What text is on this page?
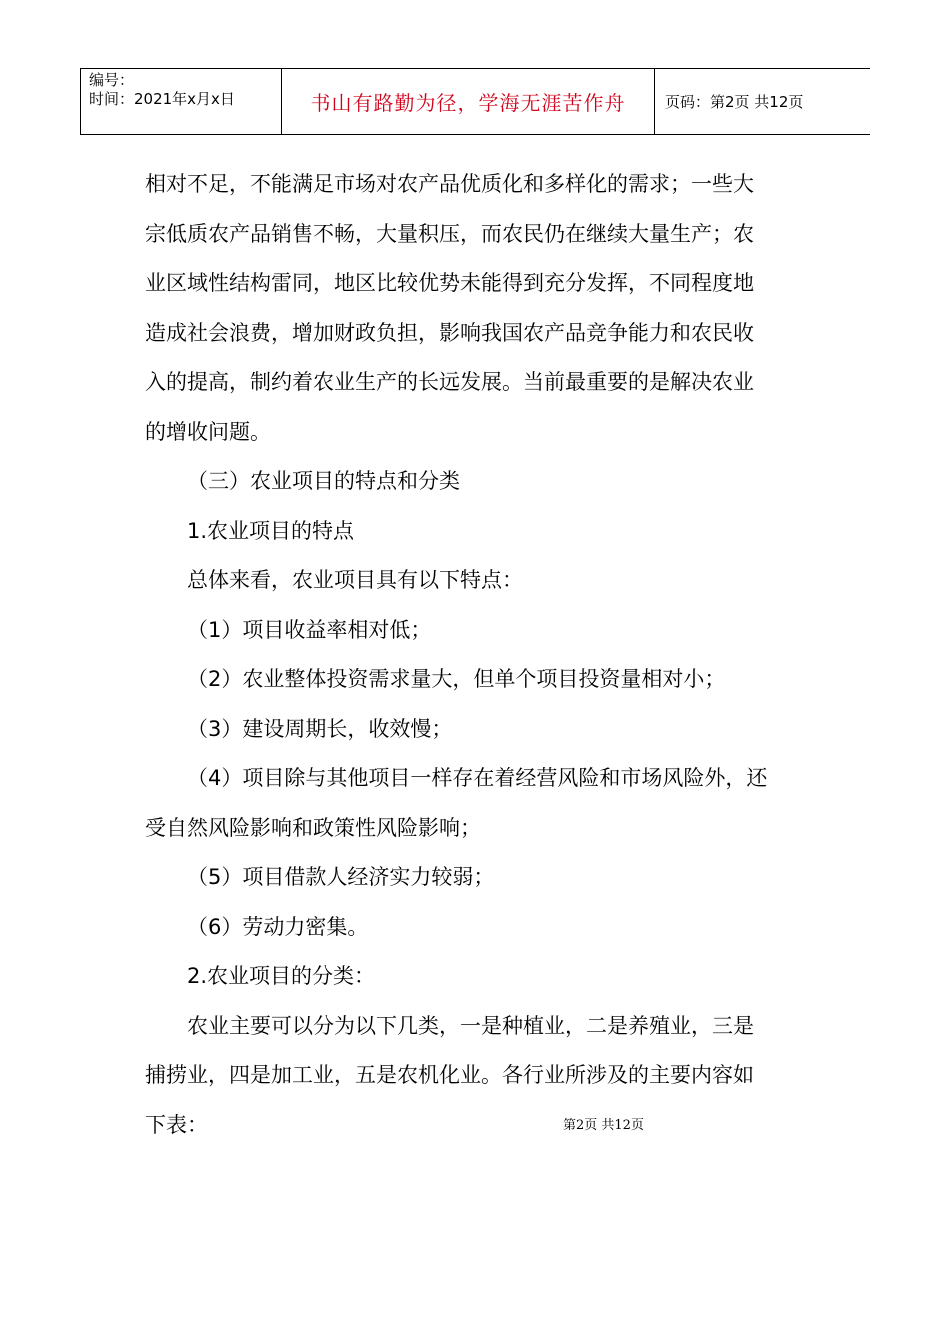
编号：
时间：2021年x月x日	书山有路勤为径，学海无涯苦作舟	页码：第2页 共12页

相对不足，不能满足市场对农产品优质化和多样化的需求；一些大

宗低质农产品销售不畅，大量积压，而农民仍在继续大量生产；农

业区域性结构雷同，地区比较优势未能得到充分发挥，不同程度地

造成社会浪费，增加财政负担，影响我国农产品竞争能力和农民收

入的提高，制约着农业生产的长远发展。当前最重要的是解决农业

的增收问题。

（三）农业项目的特点和分类

1.农业项目的特点

总体来看，农业项目具有以下特点：

（1）项目收益率相对低；

（2）农业整体投资需求量大，但单个项目投资量相对小；

（3）建设周期长，收效慢；

（4）项目除与其他项目一样存在着经营风险和市场风险外，还

受自然风险影响和政策性风险影响；

（5）项目借款人经济实力较弱；

（6）劳动力密集。

2.农业项目的分类：

农业主要可以分为以下几类，一是种植业，二是养殖业，三是

捕捞业，四是加工业，五是农机化业。各行业所涉及的主要内容如

下表：	第2页 共12页
